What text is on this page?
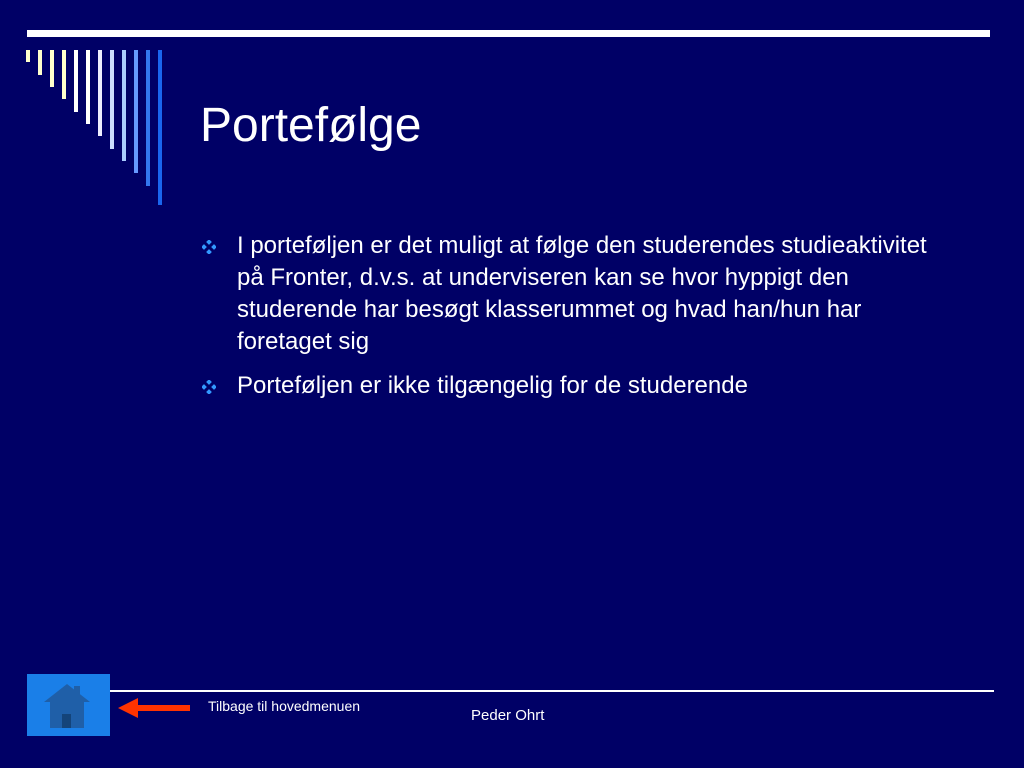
Portefølge
I porteføljen er det muligt at følge den studerendes studieaktivitet på Fronter, d.v.s. at underviseren kan se hvor hyppigt den studerende har besøgt klasserummet og hvad han/hun har foretaget sig
Porteføljen er ikke tilgængelig for de studerende
Tilbage til hovedmenuen
Peder Ohrt
